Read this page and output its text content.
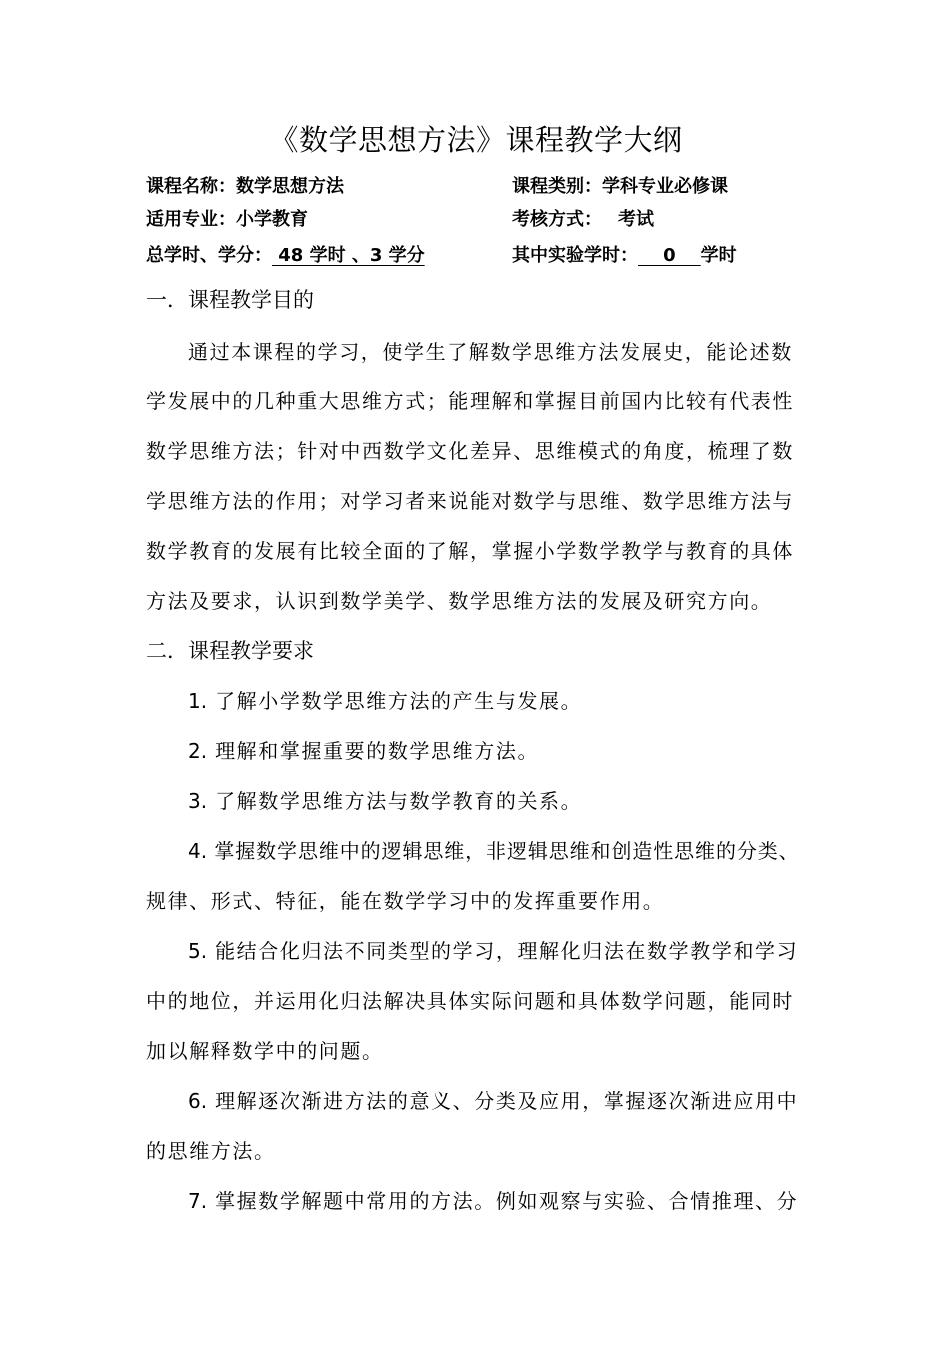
《数学思想方法》课程教学大纲
课程名称：数学思想方法	课程类别：学科专业必修课
适用专业：小学教育	考核方式： 考试
总学时、学分： 48 学时 、3 学分	其中实验学时：    0    学时
一．课程教学目的
通过本课程的学习，使学生了解数学思维方法发展史，能论述数
学发展中的几种重大思维方式；能理解和掌握目前国内比较有代表性
数学思维方法；针对中西数学文化差异、思维模式的角度，梳理了数
学思维方法的作用；对学习者来说能对数学与思维、数学思维方法与
数学教育的发展有比较全面的了解，掌握小学数学教学与教育的具体
方法及要求，认识到数学美学、数学思维方法的发展及研究方向。
二．课程教学要求
1. 了解小学数学思维方法的产生与发展。
2. 理解和掌握重要的数学思维方法。
3. 了解数学思维方法与数学教育的关系。
4. 掌握数学思维中的逻辑思维，非逻辑思维和创造性思维的分类、
规律、形式、特征，能在数学学习中的发挥重要作用。
5. 能结合化归法不同类型的学习，理解化归法在数学教学和学习
中的地位，并运用化归法解决具体实际问题和具体数学问题，能同时
加以解释数学中的问题。
6. 理解逐次渐进方法的意义、分类及应用，掌握逐次渐进应用中
的思维方法。
7. 掌握数学解题中常用的方法。例如观察与实验、合情推理、分
